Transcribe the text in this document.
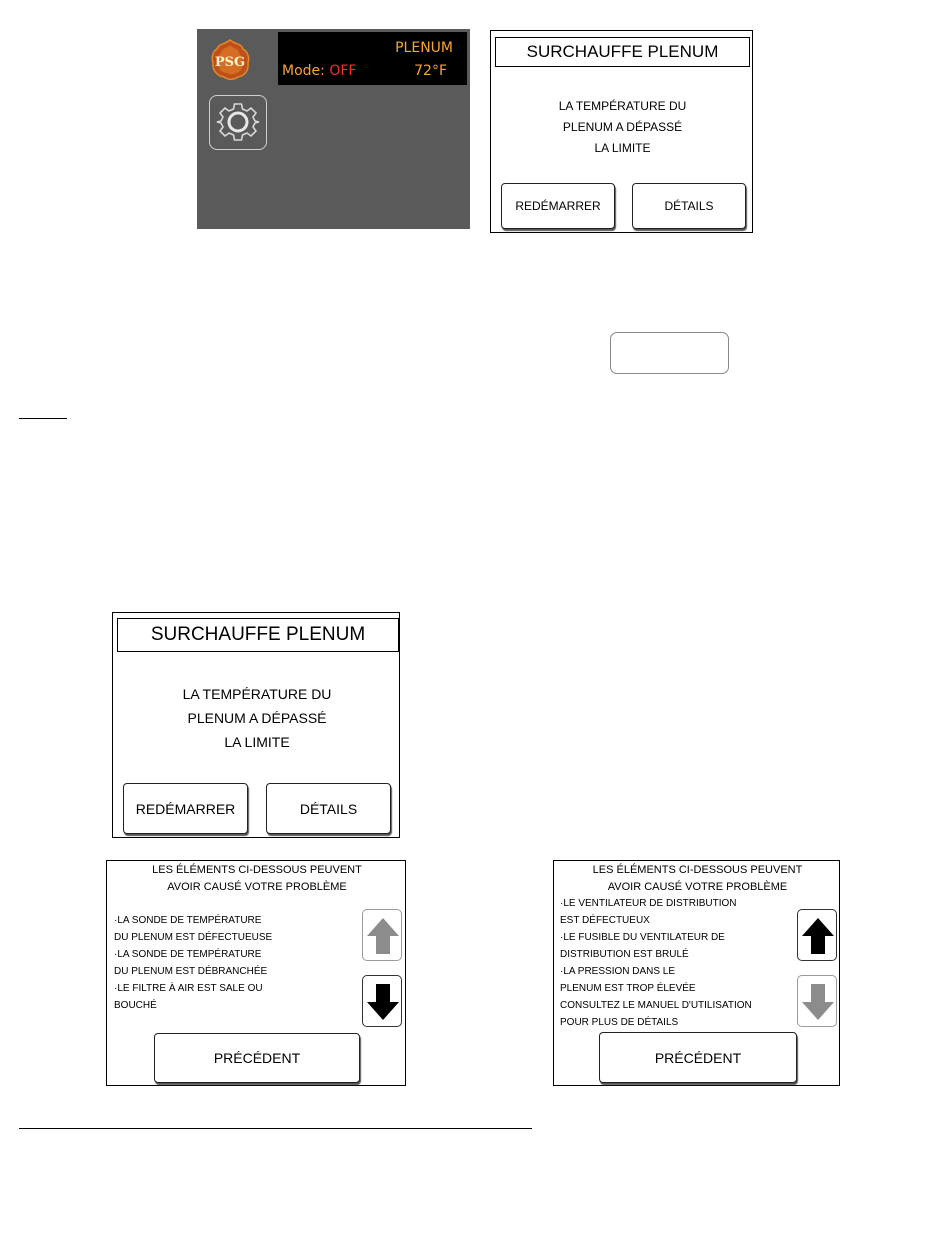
PSG
PLENUM
Mode: OFF	72°F
SURCHAUFFE PLENUM
LA TEMPÉRATURE DU
PLENUM A DÉPASSÉ
LA LIMITE
REDÉMARRER	DÉTAILS
SURCHAUFFE PLENUM
LA TEMPÉRATURE DU
PLENUM A DÉPASSÉ
LA LIMITE
REDÉMARRER	DÉTAILS
LES ÉLÉMENTS CI-DESSOUS PEUVENT
AVOIR CAUSÉ VOTRE PROBLÈME
·LA SONDE DE TEMPÉRATURE
DU PLENUM EST DÉFECTUEUSE
·LA SONDE DE TEMPÉRATURE
DU PLENUM EST DÉBRANCHÉE
·LE FILTRE À AIR EST SALE OU
BOUCHÉ
PRÉCÉDENT
LES ÉLÉMENTS CI-DESSOUS PEUVENT
AVOIR CAUSÉ VOTRE PROBLÈME
·LE VENTILATEUR DE DISTRIBUTION
EST DÉFECTUEUX
·LE FUSIBLE DU VENTILATEUR DE
DISTRIBUTION EST BRULÉ
·LA PRESSION DANS LE
PLENUM EST TROP ÉLEVÉE
CONSULTEZ LE MANUEL D'UTILISATION
POUR PLUS DE DÉTAILS
PRÉCÉDENT
